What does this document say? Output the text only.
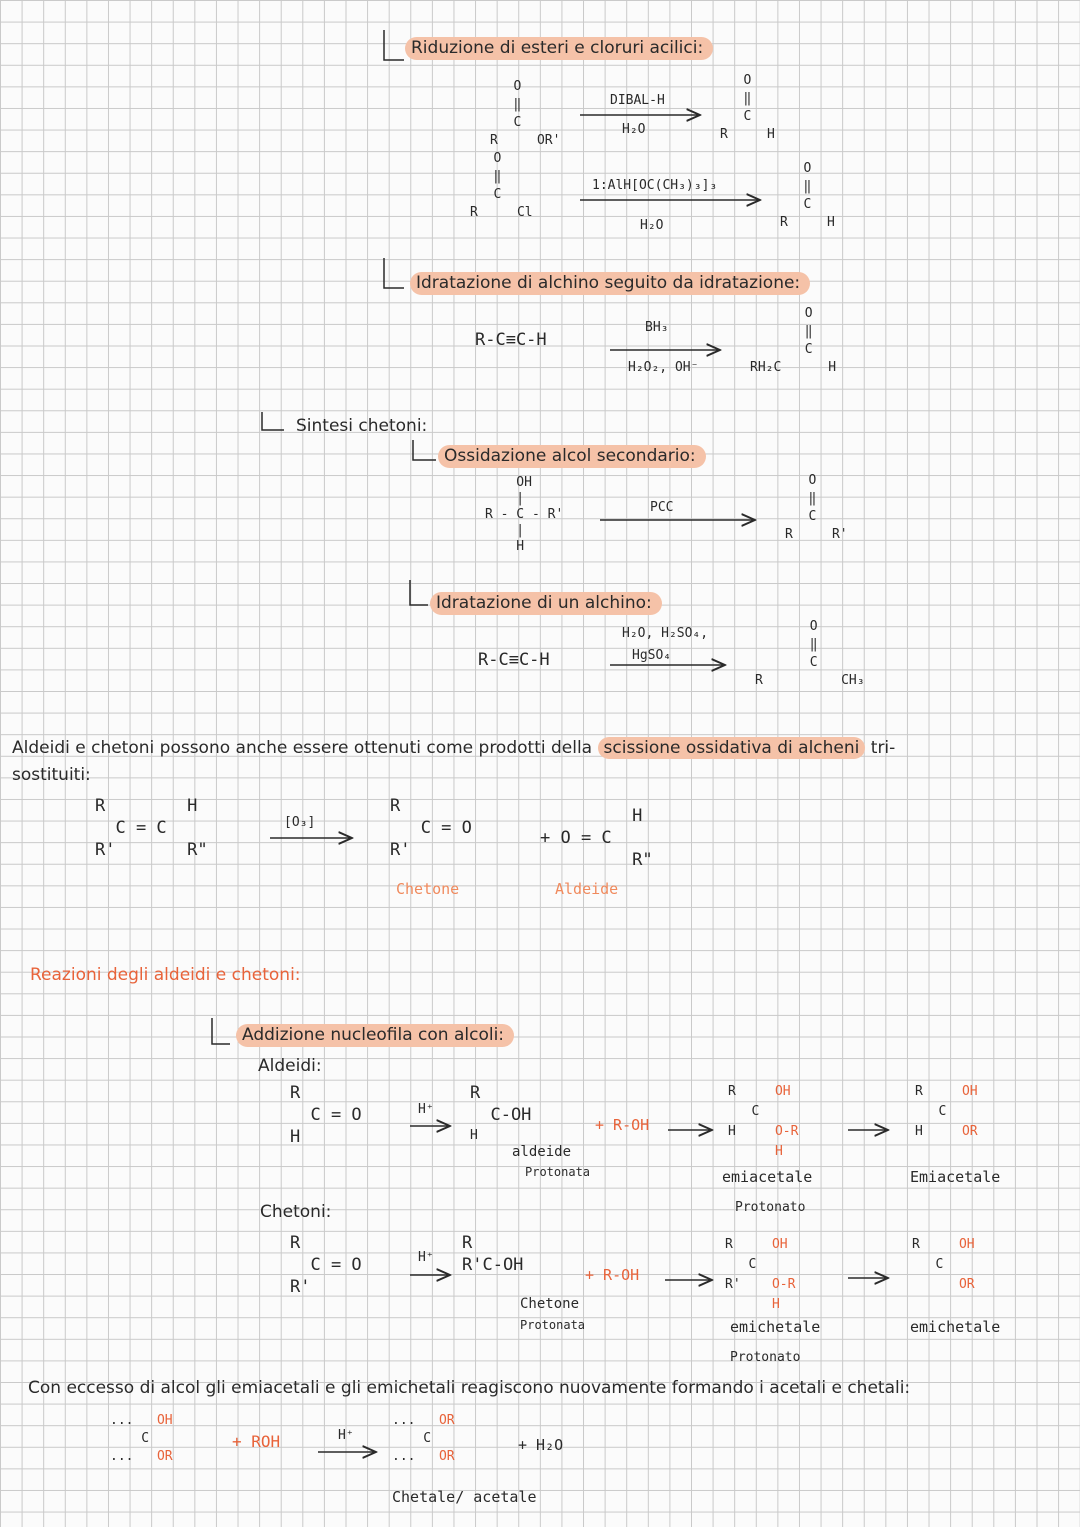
Riduzione di esteri e cloruri acilici:
O
‖
C
R     OR'
DIBAL-H
H₂O
O
‖
C
R     H
O
‖
C
R     Cl
1:AlH[OC(CH₃)₃]₃
H₂O
O
‖
C
R     H
Idratazione di alchino seguito da idratazione:
R-C≡C-H
BH₃
H₂O₂, OH⁻
O
‖
C
RH₂C      H
Sintesi chetoni:
Ossidazione alcol secondario:
OH
|
R - C - R'
|
H
PCC
O
‖
C
R     R'
Idratazione di un alchino:
R-C≡C-H
H₂O, H₂SO₄,
HgSO₄
O
‖
C
R          CH₃
Aldeidi e chetoni possono anche essere ottenuti come prodotti della scissione ossidativa di alcheni tri-
sostituiti:
R        H
C = C
R'       R"
[O₃]
R
C = O
R'
H
+ O = C
R"
Chetone	Aldeide
Reazioni degli aldeidi e chetoni:
Addizione nucleofila con alcoli:
Aldeidi:
R
C = O
H
H⁺
R
C-OH
H
+ R-OH
aldeide
Protonata
R     OH
C
H     O-R
H
emiacetale
Protonato
R     OH
C
H     OR
Emiacetale
Chetoni:
R
C = O
R'
H⁺
R
R'C-OH	+ R-OH
Chetone
Protonata
R     OH
C
R'    O-R
H
emichetale
Protonato
R     OH
C
OR
emichetale
Con eccesso di alcol gli emiacetali e gli emichetali reagiscono nuovamente formando i acetali e chetali:
...   OH
C
...   OR
+ ROH	H⁺
...   OR
C
...   OR
+ H₂O
Chetale/ acetale
